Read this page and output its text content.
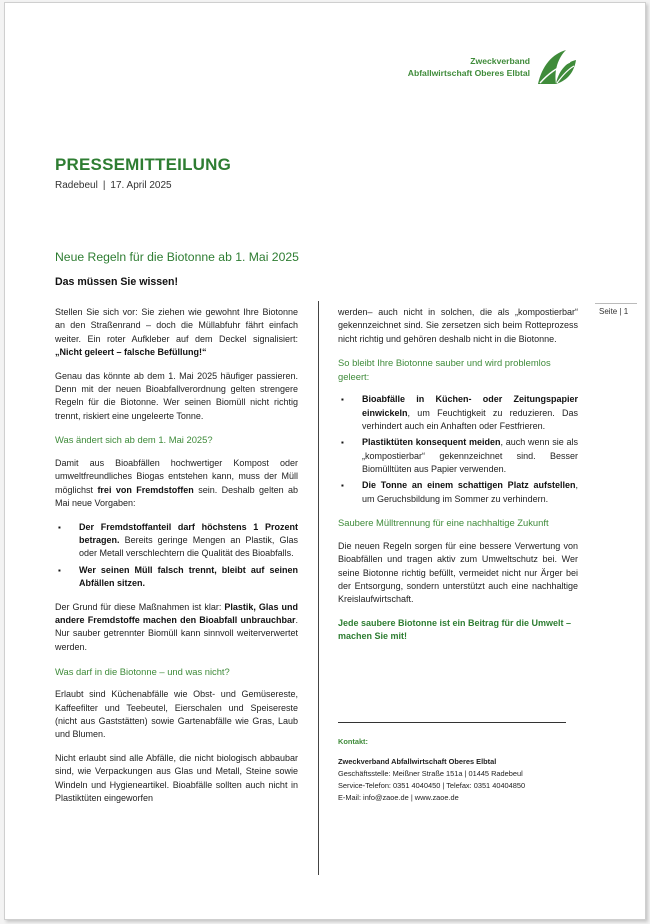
Zweckverband
Abfallwirtschaft Oberes Elbtal
PRESSEMITTEILUNG
Radebeul | 17. April 2025
Neue Regeln für die Biotonne ab 1. Mai 2025
Das müssen Sie wissen!
Seite | 1

Stellen Sie sich vor: Sie ziehen wie gewohnt Ihre Biotonne an den Straßenrand – doch die Müllabfuhr fährt einfach weiter. Ein roter Aufkleber auf dem Deckel signalisiert: „Nicht geleert – falsche Befüllung!“

Genau das könnte ab dem 1. Mai 2025 häufiger passieren. Denn mit der neuen Bioabfallverordnung gelten strengere Regeln für die Biotonne. Wer seinen Biomüll nicht richtig trennt, riskiert eine ungeleerte Tonne.

Was ändert sich ab dem 1. Mai 2025?

Damit aus Bioabfällen hochwertiger Kompost oder umweltfreundliches Biogas entstehen kann, muss der Müll möglichst frei von Fremdstoffen sein. Deshalb gelten ab Mai neue Vorgaben:

▪ Der Fremdstoffanteil darf höchstens 1 Prozent betragen. Bereits geringe Mengen an Plastik, Glas oder Metall verschlechtern die Qualität des Bioabfalls.
▪ Wer seinen Müll falsch trennt, bleibt auf seinen Abfällen sitzen.

Der Grund für diese Maßnahmen ist klar: Plastik, Glas und andere Fremdstoffe machen den Bioabfall unbrauchbar. Nur sauber getrennter Biomüll kann sinnvoll weiterverwertet werden.

Was darf in die Biotonne – und was nicht?

Erlaubt sind Küchenabfälle wie Obst- und Gemüsereste, Kaffeefilter und Teebeutel, Eierschalen und Speisereste (nicht aus Gaststätten) sowie Gartenabfälle wie Gras, Laub und Blumen.

Nicht erlaubt sind alle Abfälle, die nicht biologisch abbaubar sind, wie Verpackungen aus Glas und Metall, Steine sowie Windeln und Hygieneartikel. Bioabfälle sollten auch nicht in Plastiktüten eingeworfen

werden– auch nicht in solchen, die als „kompostierbar“ gekennzeichnet sind. Sie zersetzen sich beim Rotteprozess nicht richtig und gehören deshalb nicht in die Biotonne.

So bleibt Ihre Biotonne sauber und wird problemlos geleert:
▪ Bioabfälle in Küchen- oder Zeitungspapier einwickeln, um Feuchtigkeit zu reduzieren. Das verhindert auch ein Anhaften oder Festfrieren.
▪ Plastiktüten konsequent meiden, auch wenn sie als „kompostierbar“ gekennzeichnet sind. Besser Biomülltüten aus Papier verwenden.
▪ Die Tonne an einem schattigen Platz aufstellen, um Geruchsbildung im Sommer zu verhindern.
Saubere Mülltrennung für eine nachhaltige Zukunft

Die neuen Regeln sorgen für eine bessere Verwertung von Bioabfällen und tragen aktiv zum Umweltschutz bei. Wer seine Biotonne richtig befüllt, vermeidet nicht nur Ärger bei der Entsorgung, sondern unterstützt auch eine nachhaltige Kreislaufwirtschaft.

Jede saubere Biotonne ist ein Beitrag für die Umwelt – machen Sie mit!

Kontakt:
Zweckverband Abfallwirtschaft Oberes Elbtal
Geschäftsstelle: Meißner Straße 151a | 01445 Radebeul
Service-Telefon: 0351 4040450 | Telefax: 0351 40404850
E-Mail: info@zaoe.de | www.zaoe.de
